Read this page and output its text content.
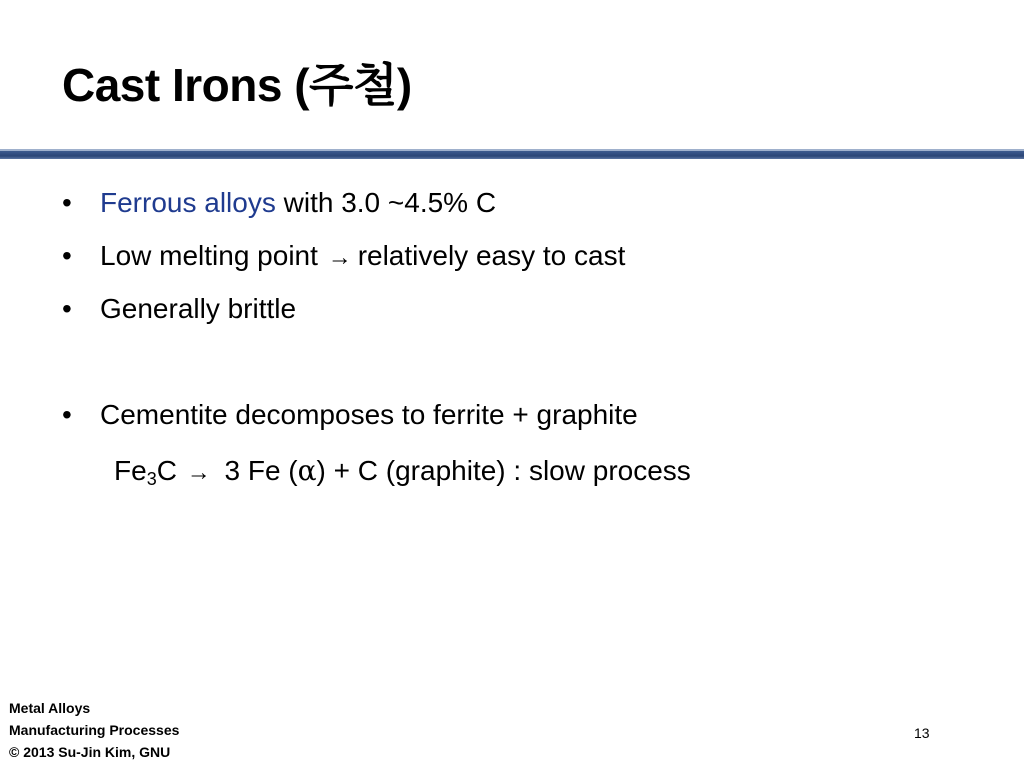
Cast Irons (주철)
• Ferrous alloys with 3.0 ~4.5% C
• Low melting point → relatively easy to cast
• Generally brittle
• Cementite decomposes to ferrite + graphite
$Fe_3C \to 3$ Fe (α) + C (graphite) : slow process
Metal Alloys
Manufacturing Processes
© 2013 Su-Jin Kim, GNU
13
